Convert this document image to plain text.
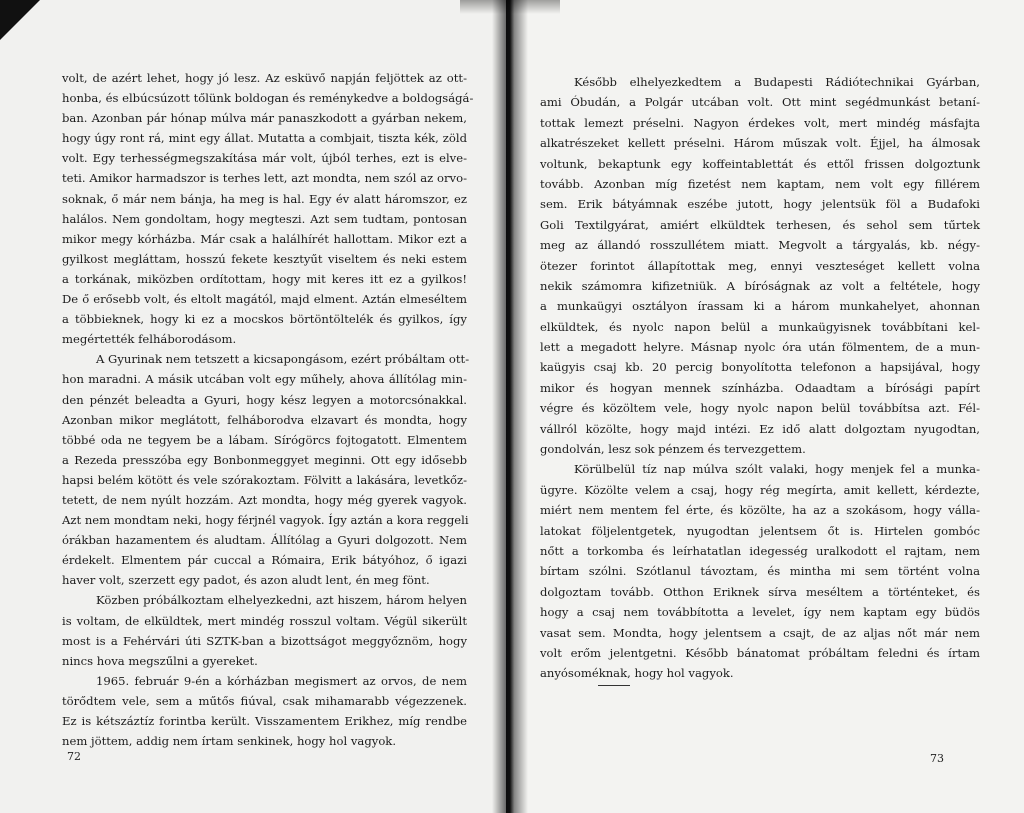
volt, de azért lehet, hogy jó lesz. Az esküvő napján feljöttek az ott-
honba, és elbúcsúzott tőlünk boldogan és reménykedve a boldogságá-
ban. Azonban pár hónap múlva már panaszkodott a gyárban nekem,
hogy úgy ront rá, mint egy állat. Mutatta a combjait, tiszta kék, zöld
volt. Egy terhességmegszakítása már volt, újból terhes, ezt is elve-
teti. Amikor harmadszor is terhes lett, azt mondta, nem szól az orvo-
soknak, ő már nem bánja, ha meg is hal. Egy év alatt háromszor, ez
halálos. Nem gondoltam, hogy megteszi. Azt sem tudtam, pontosan
mikor megy kórházba. Már csak a halálhírét hallottam. Mikor ezt a
gyilkost megláttam, hosszú fekete kesztyűt viseltem és neki estem
a torkának, miközben ordítottam, hogy mit keres itt ez a gyilkos!
De ő erősebb volt, és eltolt magától, majd elment. Aztán elmeséltem
a többieknek, hogy ki ez a mocskos börtöntöltelék és gyilkos, így
megértették felháborodásom.
A Gyurinak nem tetszett a kicsapongásom, ezért próbáltam ott-
hon maradni. A másik utcában volt egy műhely, ahova állítólag min-
den pénzét beleadta a Gyuri, hogy kész legyen a motorcsónakkal.
Azonban mikor meglátott, felháborodva elzavart és mondta, hogy
többé oda ne tegyem be a lábam. Sírógörcs fojtogatott. Elmentem
a Rezeda presszóba egy Bonbonmeggyet meginni. Ott egy idősebb
hapsi belém kötött és vele szórakoztam. Fölvitt a lakására, levetkőz-
tetett, de nem nyúlt hozzám. Azt mondta, hogy még gyerek vagyok.
Azt nem mondtam neki, hogy férjnél vagyok. Így aztán a kora reggeli
órákban hazamentem és aludtam. Állítólag a Gyuri dolgozott. Nem
érdekelt. Elmentem pár cuccal a Rómaira, Erik bátyóhoz, ő igazi
haver volt, szerzett egy padot, és azon aludt lent, én meg fönt.
Közben próbálkoztam elhelyezkedni, azt hiszem, három helyen
is voltam, de elküldtek, mert mindég rosszul voltam. Végül sikerült
most is a Fehérvári úti SZTK-ban a bizottságot meggyőznöm, hogy
nincs hova megszűlni a gyereket.
1965. február 9-én a kórházban megismert az orvos, de nem
törődtem vele, sem a műtős fiúval, csak mihamarabb végezzenek.
Ez is kétszáztíz forintba került. Visszamentem Erikhez, míg rendbe
nem jöttem, addig nem írtam senkinek, hogy hol vagyok.
72
Később elhelyezkedtem a Budapesti Rádiótechnikai Gyárban,
ami Óbudán, a Polgár utcában volt. Ott mint segédmunkást betaní-
tottak lemezt préselni. Nagyon érdekes volt, mert mindég másfajta
alkatrészeket kellett préselni. Három műszak volt. Éjjel, ha álmosak
voltunk, bekaptunk egy koffeintablettát és ettől frissen dolgoztunk
tovább. Azonban míg fizetést nem kaptam, nem volt egy fillérem
sem. Erik bátyámnak eszébe jutott, hogy jelentsük föl a Budafoki
Goli Textilgyárat, amiért elküldtek terhesen, és sehol sem tűrtek
meg az állandó rosszullétem miatt. Megvolt a tárgyalás, kb. négy-
ötezer forintot állapítottak meg, ennyi veszteséget kellett volna
nekik számomra kifizetniük. A bíróságnak az volt a feltétele, hogy
a munkaügyi osztályon írassam ki a három munkahelyet, ahonnan
elküldtek, és nyolc napon belül a munkaügyisnek továbbítani kel-
lett a megadott helyre. Másnap nyolc óra után fölmentem, de a mun-
kaügyis csaj kb. 20 percig bonyolította telefonon a hapsijával, hogy
mikor és hogyan mennek színházba. Odaadtam a bírósági papírt
végre és közöltem vele, hogy nyolc napon belül továbbítsa azt. Fél-
vállról közölte, hogy majd intézi. Ez idő alatt dolgoztam nyugodtan,
gondolván, lesz sok pénzem és tervezgettem.
Körülbelül tíz nap múlva szólt valaki, hogy menjek fel a munka-
ügyre. Közölte velem a csaj, hogy rég megírta, amit kellett, kérdezte,
miért nem mentem fel érte, és közölte, ha az a szokásom, hogy válla-
latokat följelentgetek, nyugodtan jelentsem őt is. Hirtelen gombóc
nőtt a torkomba és leírhatatlan idegesség uralkodott el rajtam, nem
bírtam szólni. Szótlanul távoztam, és mintha mi sem történt volna
dolgoztam tovább. Otthon Eriknek sírva meséltem a történteket, és
hogy a csaj nem továbbította a levelet, így nem kaptam egy büdös
vasat sem. Mondta, hogy jelentsem a csajt, de az aljas nőt már nem
volt erőm jelentgetni. Később bánatomat próbáltam feledni és írtam
anyósoméknak, hogy hol vagyok.
73
